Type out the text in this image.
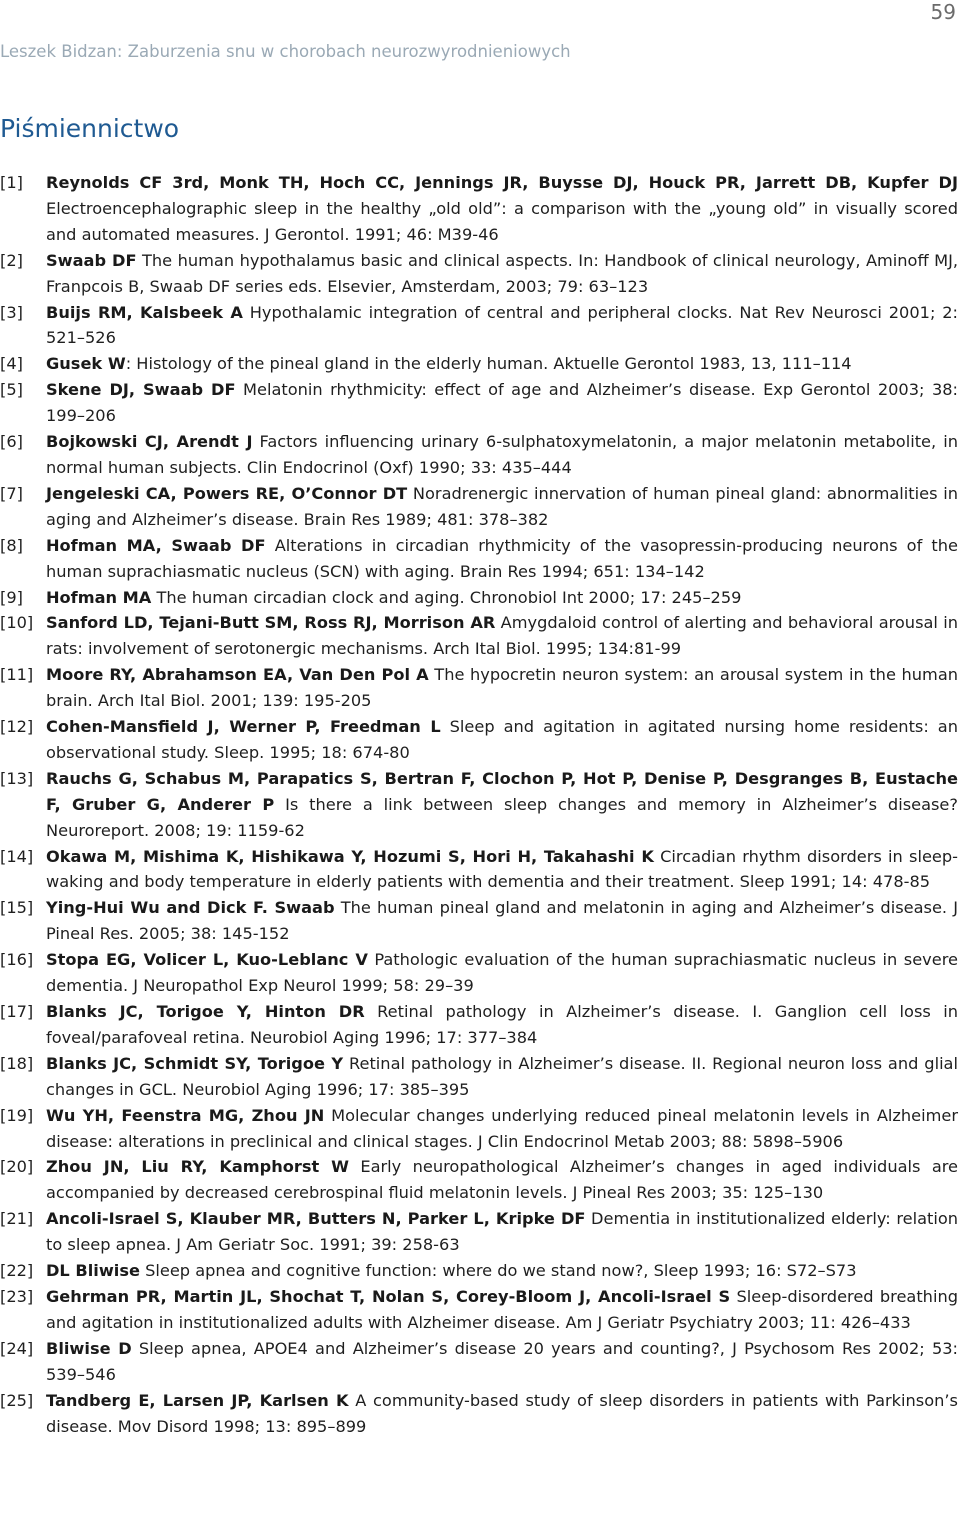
59
Leszek Bidzan: Zaburzenia snu w chorobach neurozwyrodnieniowych
Piśmiennictwo
[1]	Reynolds CF 3rd, Monk TH, Hoch CC, Jennings JR, Buysse DJ, Houck PR, Jarrett DB, Kupfer DJ Electroencephalographic sleep in the healthy „old old”: a comparison with the „young old” in visually scored and automated measures. J Gerontol. 1991; 46: M39-46
[2]	Swaab DF The human hypothalamus basic and clinical aspects. In: Handbook of clinical neurology, Aminoff MJ, Franpcois B, Swaab DF series eds. Elsevier, Amsterdam, 2003; 79: 63–123
[3]	Buijs RM, Kalsbeek A Hypothalamic integration of central and peripheral clocks. Nat Rev Neurosci 2001; 2: 521–526
[4]	Gusek W: Histology of the pineal gland in the elderly human. Aktuelle Gerontol 1983, 13, 111–114
[5]	Skene DJ, Swaab DF Melatonin rhythmicity: effect of age and Alzheimer’s disease. Exp Gerontol 2003; 38: 199–206
[6]	Bojkowski CJ, Arendt J Factors influencing urinary 6-sulphatoxymelatonin, a major melatonin metabolite, in normal human subjects. Clin Endocrinol (Oxf) 1990; 33: 435–444
[7]	Jengeleski CA, Powers RE, O’Connor DT Noradrenergic innervation of human pineal gland: abnormalities in aging and Alzheimer’s disease. Brain Res 1989; 481: 378–382
[8]	Hofman MA, Swaab DF Alterations in circadian rhythmicity of the vasopressin-producing neurons of the human suprachiasmatic nucleus (SCN) with aging. Brain Res 1994; 651: 134–142
[9]	Hofman MA The human circadian clock and aging. Chronobiol Int 2000; 17: 245–259
[10] Sanford LD, Tejani-Butt SM, Ross RJ, Morrison AR Amygdaloid control of alerting and behavioral arousal in rats: involvement of serotonergic mechanisms. Arch Ital Biol. 1995; 134:81-99
[11] Moore RY, Abrahamson EA, Van Den Pol A The hypocretin neuron system: an arousal system in the human brain. Arch Ital Biol. 2001; 139: 195-205
[12] Cohen-Mansfield J, Werner P, Freedman L Sleep and agitation in agitated nursing home residents: an observational study. Sleep. 1995; 18: 674-80
[13] Rauchs G, Schabus M, Parapatics S, Bertran F, Clochon P, Hot P, Denise P, Desgranges B, Eustache F, Gruber G, Anderer P Is there a link between sleep changes and memory in Alzheimer’s disease? Neuroreport. 2008; 19: 1159-62
[14] Okawa M, Mishima K, Hishikawa Y, Hozumi S, Hori H, Takahashi K Circadian rhythm disorders in sleep-waking and body temperature in elderly patients with dementia and their treatment. Sleep 1991; 14: 478-85
[15] Ying-Hui Wu and Dick F. Swaab The human pineal gland and melatonin in aging and Alzheimer’s disease. J Pineal Res. 2005; 38: 145-152
[16] Stopa EG, Volicer L, Kuo-Leblanc V Pathologic evaluation of the human suprachiasmatic nucleus in severe dementia. J Neuropathol Exp Neurol 1999; 58: 29–39
[17] Blanks JC, Torigoe Y, Hinton DR Retinal pathology in Alzheimer’s disease. I. Ganglion cell loss in foveal/parafoveal retina. Neurobiol Aging 1996; 17: 377–384
[18] Blanks JC, Schmidt SY, Torigoe Y Retinal pathology in Alzheimer’s disease. II. Regional neuron loss and glial changes in GCL. Neurobiol Aging 1996; 17: 385–395
[19] Wu YH, Feenstra MG, Zhou JN Molecular changes underlying reduced pineal melatonin levels in Alzheimer disease: alterations in preclinical and clinical stages. J Clin Endocrinol Metab 2003; 88: 5898–5906
[20] Zhou JN, Liu RY, Kamphorst W Early neuropathological Alzheimer’s changes in aged individuals are accompanied by decreased cerebrospinal fluid melatonin levels. J Pineal Res 2003; 35: 125–130
[21] Ancoli-Israel S, Klauber MR, Butters N, Parker L, Kripke DF Dementia in institutionalized elderly: relation to sleep apnea. J Am Geriatr Soc. 1991; 39: 258-63
[22] DL Bliwise Sleep apnea and cognitive function: where do we stand now?, Sleep 1993; 16: S72–S73
[23] Gehrman PR, Martin JL, Shochat T, Nolan S, Corey-Bloom J, Ancoli-Israel S Sleep-disordered breathing and agitation in institutionalized adults with Alzheimer disease. Am J Geriatr Psychiatry 2003; 11: 426–433
[24] Bliwise D Sleep apnea, APOE4 and Alzheimer’s disease 20 years and counting?, J Psychosom Res 2002; 53: 539–546
[25] Tandberg E, Larsen JP, Karlsen K A community-based study of sleep disorders in patients with Parkinson’s disease. Mov Disord 1998; 13: 895–899
